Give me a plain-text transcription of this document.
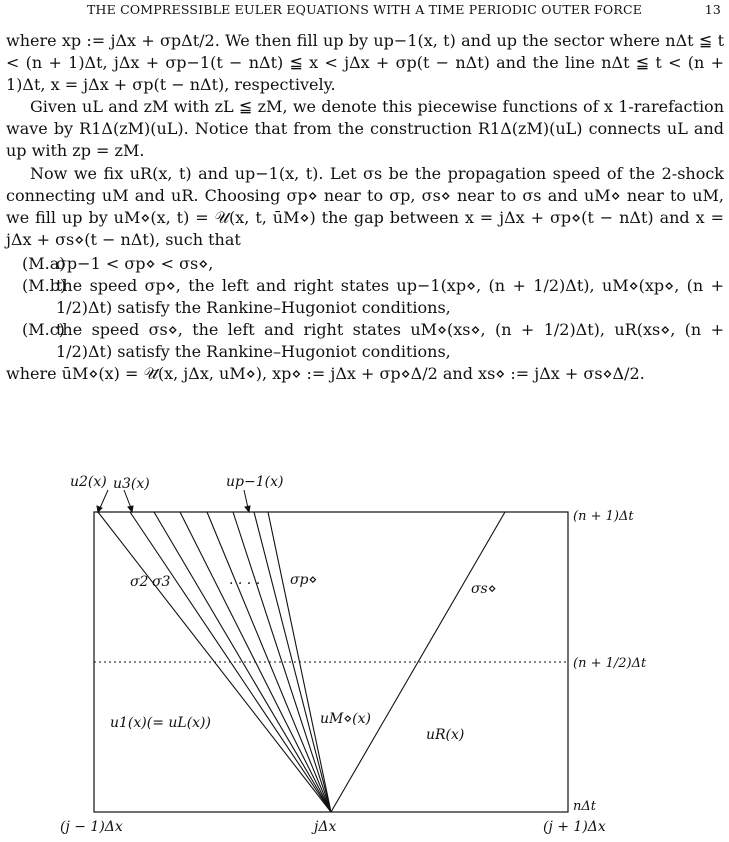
THE COMPRESSIBLE EULER EQUATIONS WITH A TIME PERIODIC OUTER FORCE	13

where xp := jΔx + σpΔt/2. We then fill up by up−1(x, t) and up the sector where nΔt ≦ t < (n + 1)Δt, jΔx + σp−1(t − nΔt) ≦ x < jΔx + σp(t − nΔt) and the line nΔt ≦ t < (n + 1)Δt, x = jΔx + σp(t − nΔt), respectively.

Given uL and zM with zL ≦ zM, we denote this piecewise functions of x 1-rarefaction wave by R1Δ(zM)(uL). Notice that from the construction R1Δ(zM)(uL) connects uL and up with zp = zM.

Now we fix uR(x, t) and up−1(x, t). Let σs be the propagation speed of the 2-shock connecting uM and uR. Choosing σp⋄ near to σp, σs⋄ near to σs and uM⋄ near to uM, we fill up by uM⋄(x, t) = 𝒰(x, t, ūM⋄) the gap between x = jΔx + σp⋄(t − nΔt) and x = jΔx + σs⋄(t − nΔt), such that

(M.a)
σp−1 < σp⋄ < σs⋄,
(M.b)
the speed σp⋄, the left and right states up−1(xp⋄, (n + 1/2)Δt), uM⋄(xp⋄, (n + 1/2)Δt) satisfy the Rankine–Hugoniot conditions,
(M.c)
the speed σs⋄, the left and right states uM⋄(xs⋄, (n + 1/2)Δt), uR(xs⋄, (n + 1/2)Δt) satisfy the Rankine–Hugoniot conditions,

where ūM⋄(x) = 𝒰̄(x, jΔx, uM⋄), xp⋄ := jΔx + σp⋄Δ/2 and xs⋄ := jΔx + σs⋄Δ/2.

u2(x) u3(x)	up−1(x)
(n + 1)Δt
(n + 1/2)Δt
nΔt
(j − 1)Δx	jΔx	(j + 1)Δx
σ2 σ3	. . . . σp⋄
σs⋄
u1(x)(= uL(x))	uM⋄(x)
uR(x)
